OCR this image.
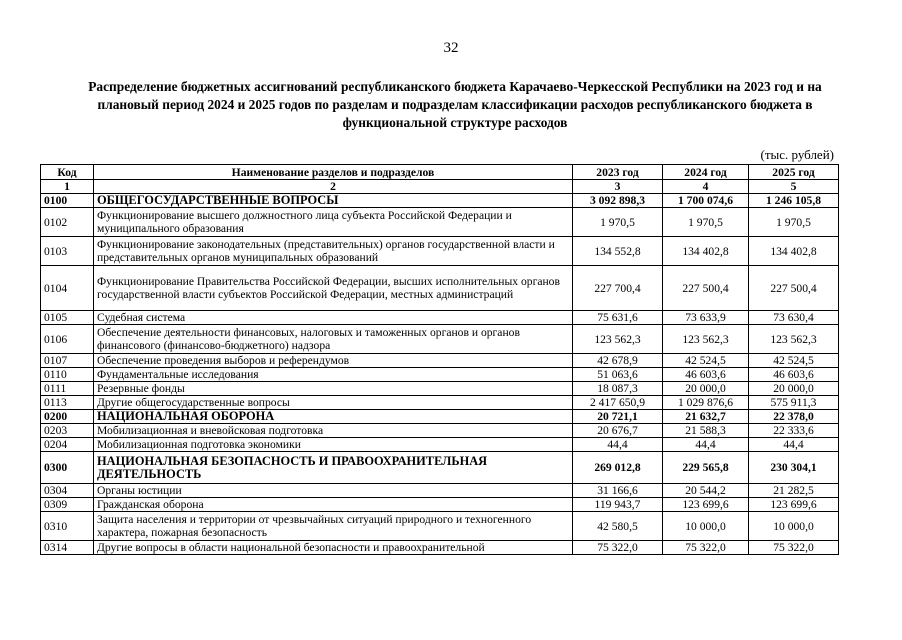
32
Распределение бюджетных ассигнований республиканского бюджета Карачаево-Черкесской Республики на 2023 год и на плановый период 2024 и 2025 годов по разделам и подразделам классификации расходов республиканского бюджета в функциональной структуре расходов
(тыс. рублей)
Код	Наименование разделов и подразделов	2023 год	2024 год	2025 год
1	2	3	4	5
0100	ОБЩЕГОСУДАРСТВЕННЫЕ ВОПРОСЫ	3 092 898,3	1 700 074,6	1 246 105,8
0102	Функционирование высшего должностного лица субъекта Российской Федерации и муниципального образования	1 970,5	1 970,5	1 970,5
0103	Функционирование законодательных (представительных) органов государственной власти и представительных органов муниципальных образований	134 552,8	134 402,8	134 402,8
0104	Функционирование Правительства Российской Федерации, высших исполнительных органов государственной власти субъектов Российской Федерации, местных администраций	227 700,4	227 500,4	227 500,4
0105	Судебная система	75 631,6	73 633,9	73 630,4
0106	Обеспечение деятельности финансовых, налоговых и таможенных органов и органов финансового (финансово-бюджетного) надзора	123 562,3	123 562,3	123 562,3
0107	Обеспечение проведения выборов и референдумов	42 678,9	42 524,5	42 524,5
0110	Фундаментальные исследования	51 063,6	46 603,6	46 603,6
0111	Резервные фонды	18 087,3	20 000,0	20 000,0
0113	Другие общегосударственные вопросы	2 417 650,9	1 029 876,6	575 911,3
0200	НАЦИОНАЛЬНАЯ ОБОРОНА	20 721,1	21 632,7	22 378,0
0203	Мобилизационная и вневойсковая подготовка	20 676,7	21 588,3	22 333,6
0204	Мобилизационная подготовка экономики	44,4	44,4	44,4
0300	НАЦИОНАЛЬНАЯ БЕЗОПАСНОСТЬ И ПРАВООХРАНИТЕЛЬНАЯ ДЕЯТЕЛЬНОСТЬ	269 012,8	229 565,8	230 304,1
0304	Органы юстиции	31 166,6	20 544,2	21 282,5
0309	Гражданская оборона	119 943,7	123 699,6	123 699,6
0310	Защита населения и территории от чрезвычайных ситуаций природного и техногенного характера, пожарная безопасность	42 580,5	10 000,0	10 000,0
0314	Другие вопросы в области национальной безопасности и правоохранительной	75 322,0	75 322,0	75 322,0
